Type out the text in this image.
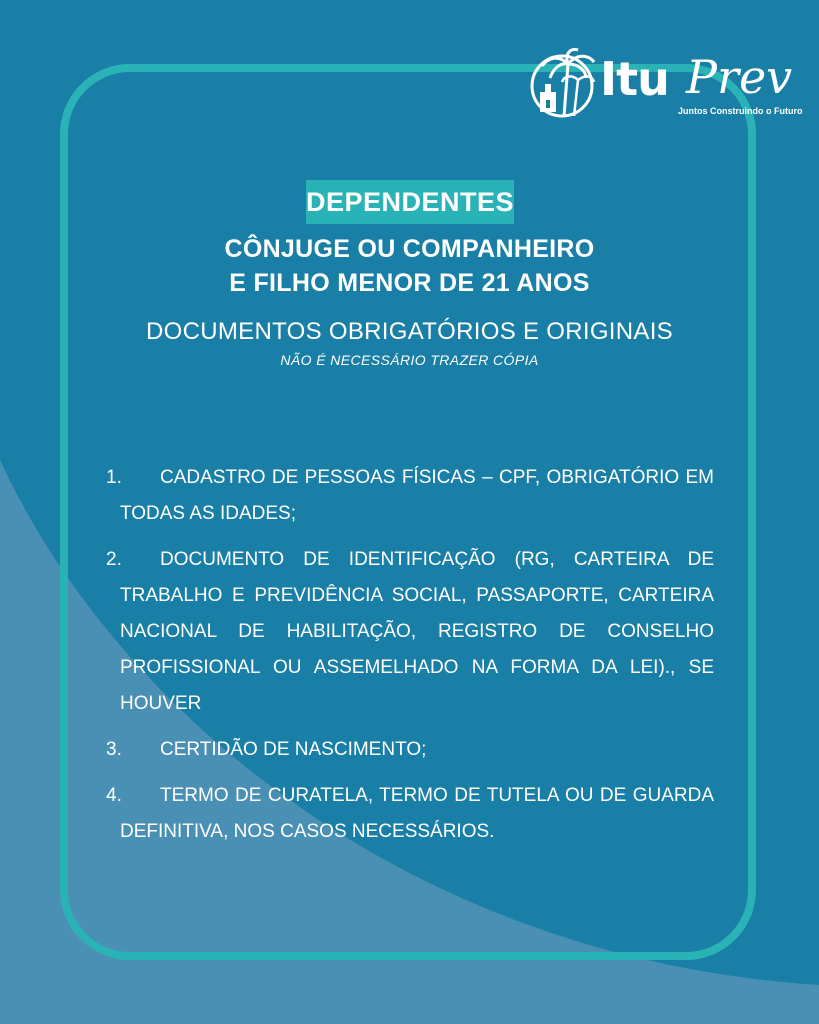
Itu Prev
Juntos Construindo o Futuro
DEPENDENTES
CÔNJUGE OU COMPANHEIRO
E FILHO MENOR DE 21 ANOS
DOCUMENTOS OBRIGATÓRIOS E ORIGINAIS
NÃO É NECESSÁRIO TRAZER CÓPIA
1.	CADASTRO DE PESSOAS FÍSICAS – CPF, OBRIGATÓRIO EM TODAS AS IDADES;
2.	DOCUMENTO DE IDENTIFICAÇÃO (RG, CARTEIRA DE TRABALHO E PREVIDÊNCIA SOCIAL, PASSAPORTE, CARTEIRA NACIONAL DE HABILITAÇÃO, REGISTRO DE CONSELHO PROFISSIONAL OU ASSEMELHADO NA FORMA DA LEI)., SE HOUVER
3.	CERTIDÃO DE NASCIMENTO;
4.	TERMO DE CURATELA, TERMO DE TUTELA OU DE GUARDA DEFINITIVA, NOS CASOS NECESSÁRIOS.
